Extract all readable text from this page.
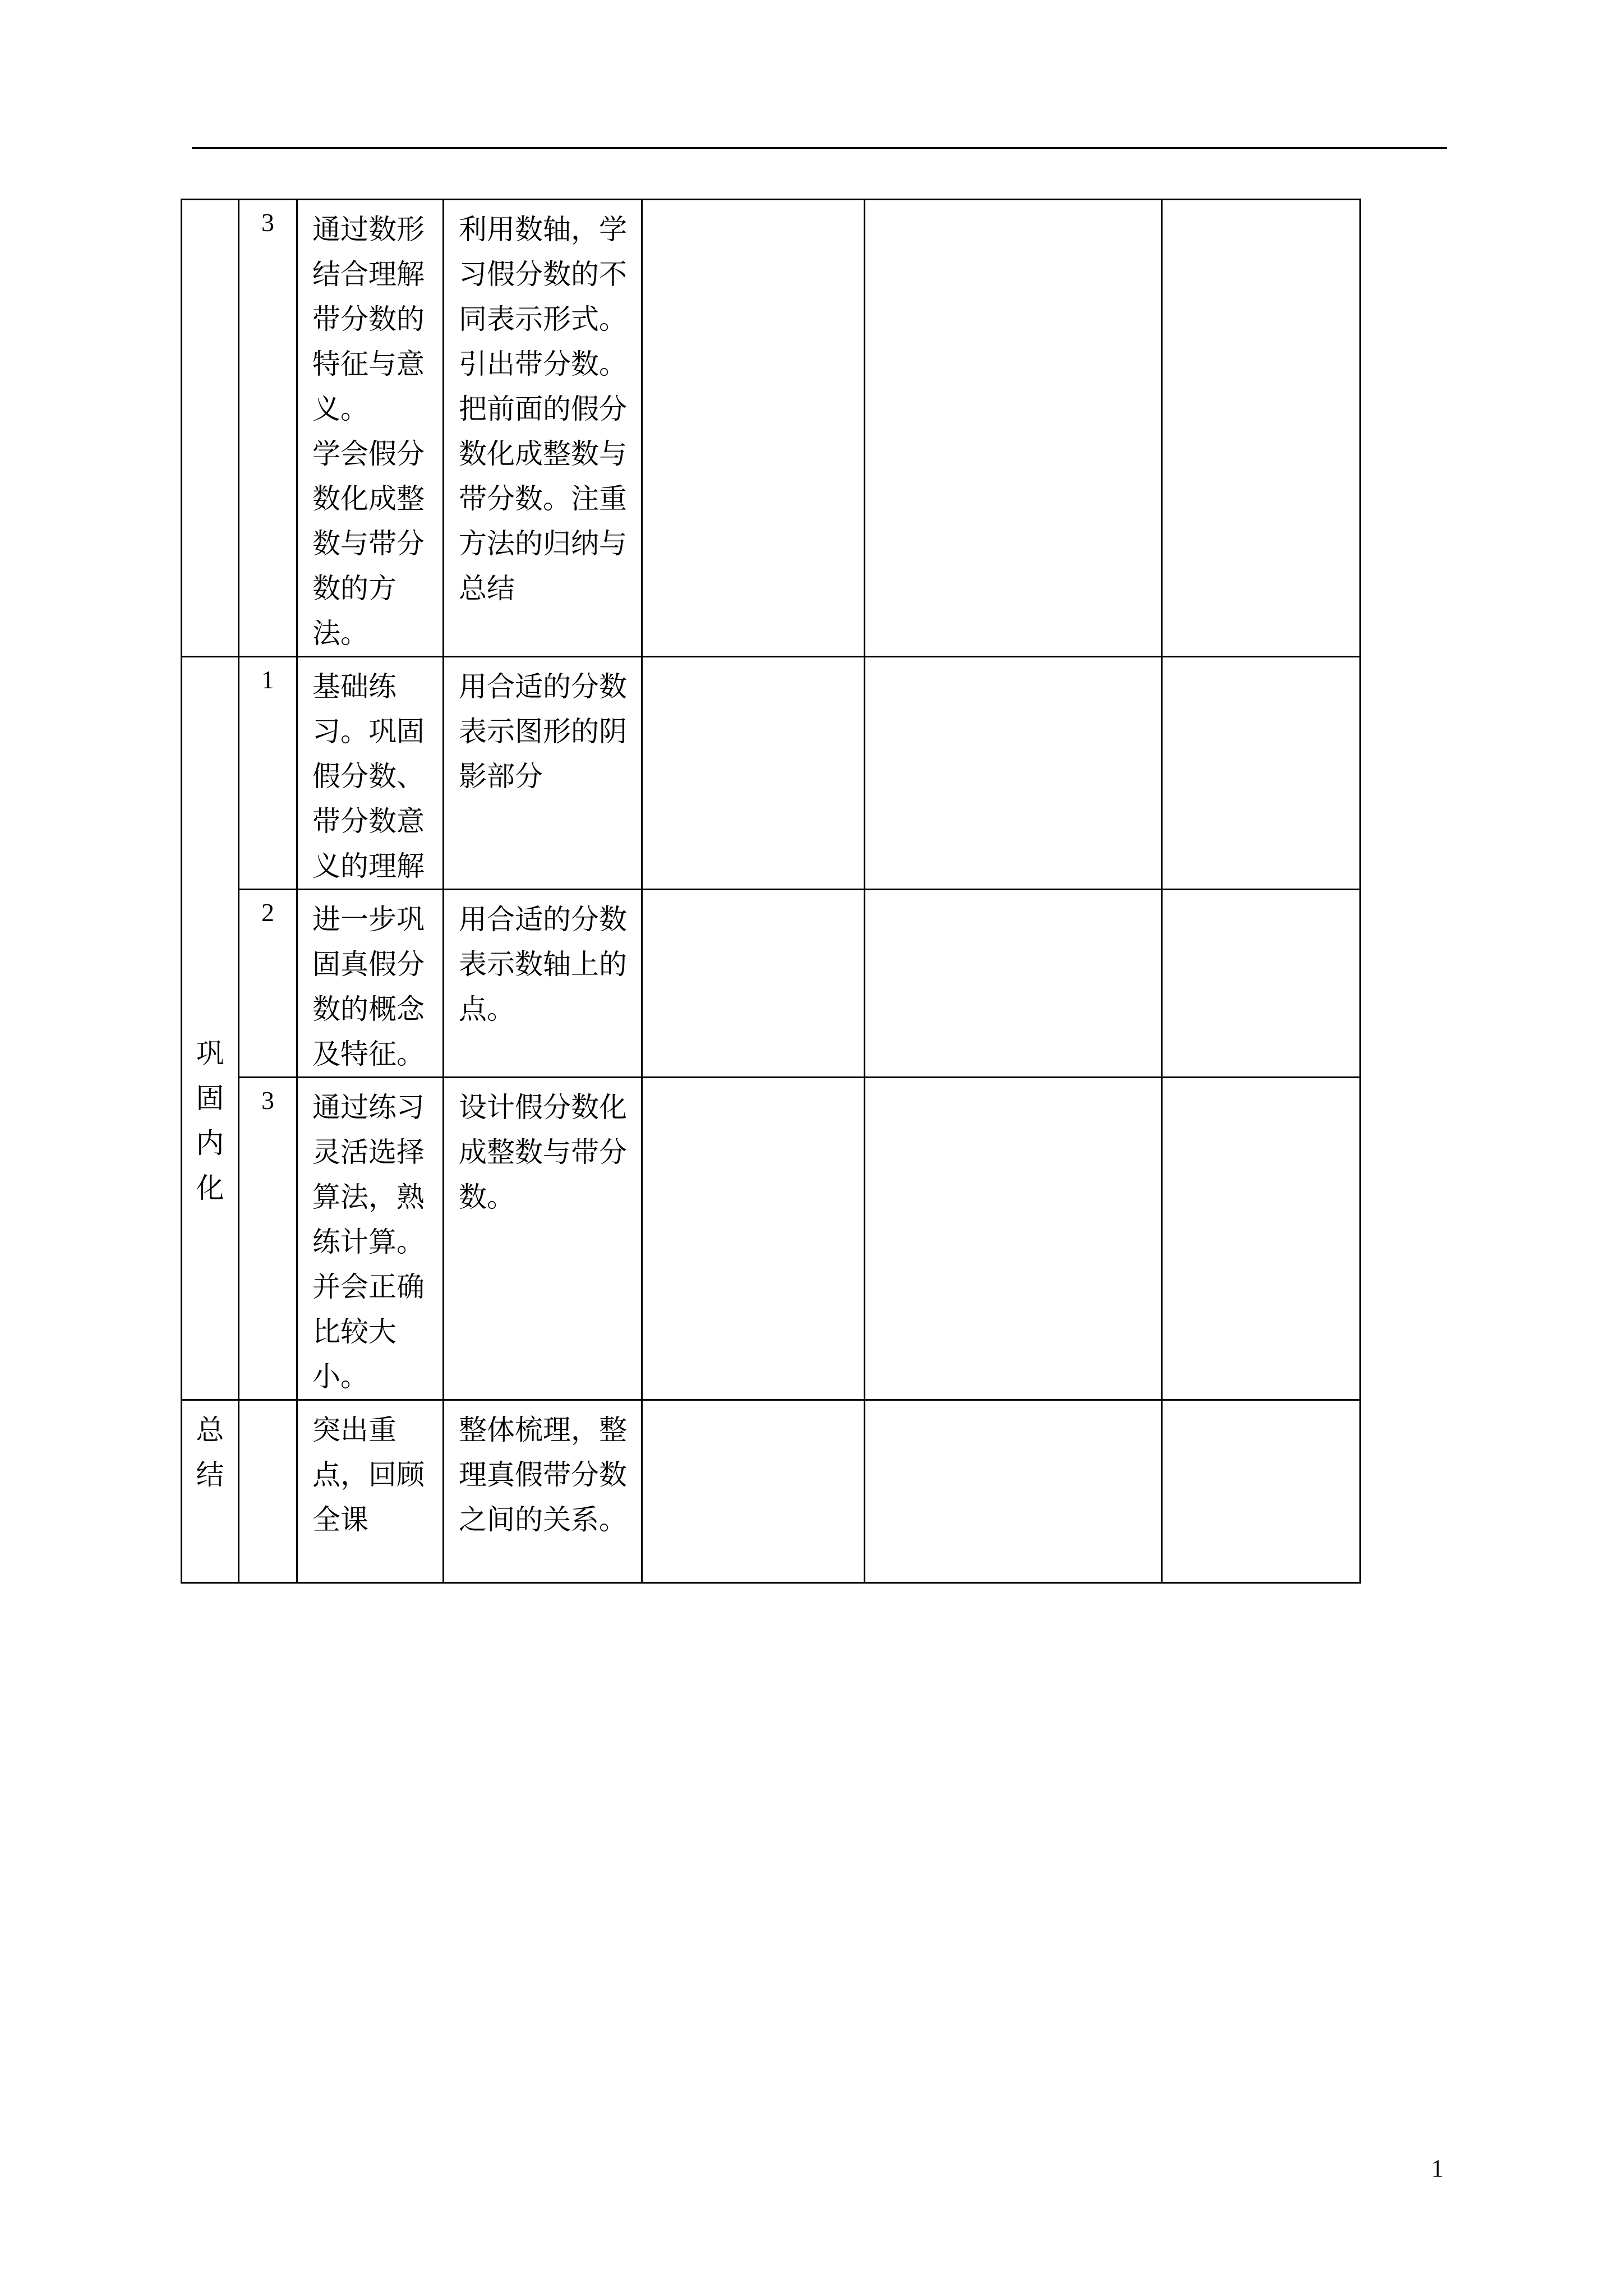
	3	通过数形结合理解带分数的特征与意义。
学会假分数化成整数与带分数的方法。	利用数轴，学习假分数的不同表示形式。引出带分数。
把前面的假分数化成整数与带分数。注重方法的归纳与总结			

巩
固
内
化	1	基础练习。巩固假分数、带分数意义的理解	用合适的分数表示图形的阴影部分			

	2	进一步巩固真假分数的概念及特征。	用合适的分数表示数轴上的点。			

	3	通过练习灵活选择算法，熟练计算。
并会正确比较大小。	设计假分数化成整数与带分数。			

总
结		突出重点，回顾全课	整体梳理，整理真假带分数之间的关系。			

1
